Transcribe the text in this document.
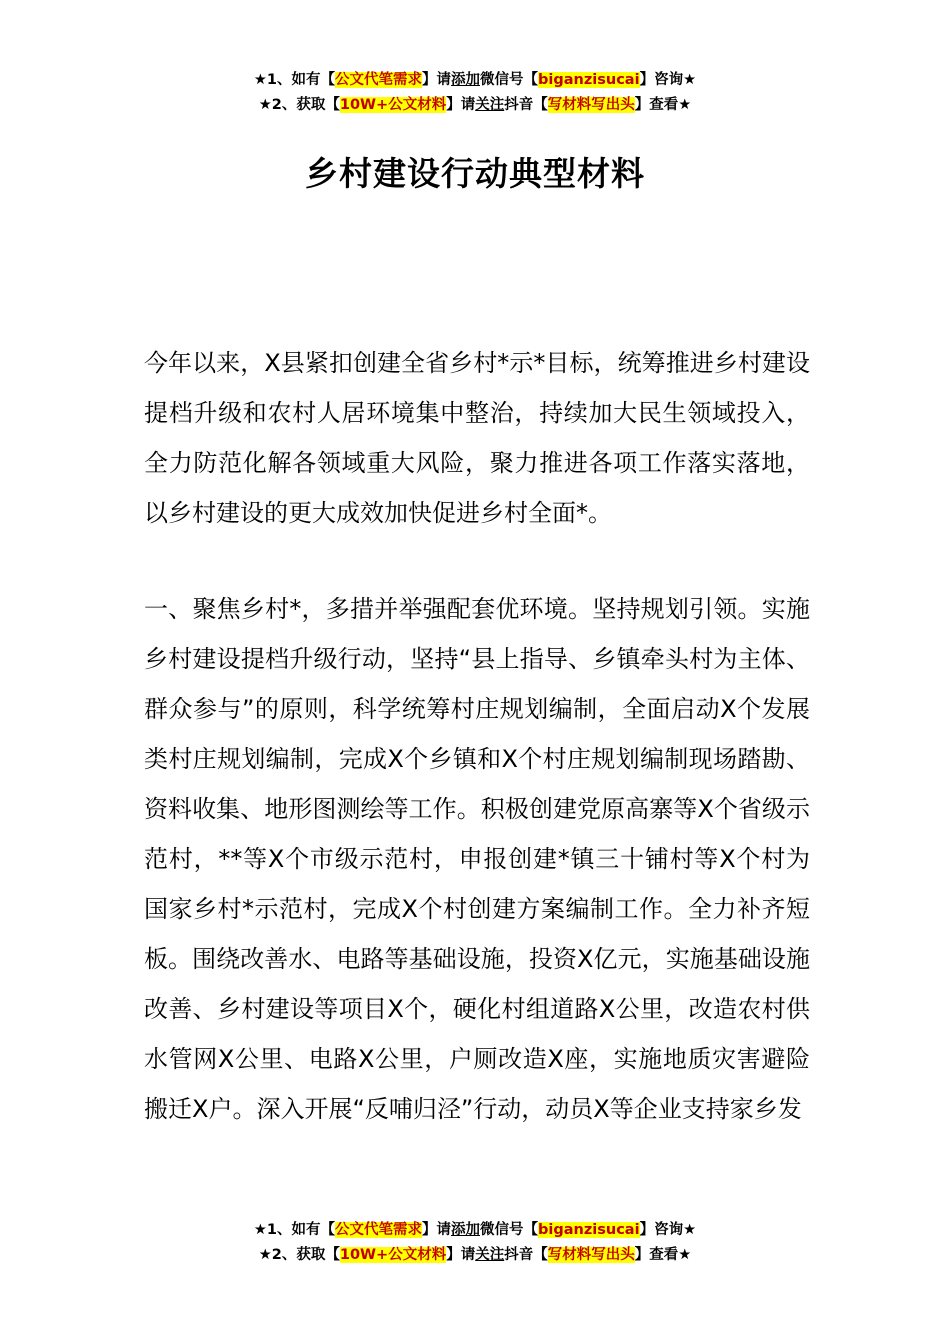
★1、如有【公文代笔需求】请添加微信号【biganzisucai】咨询★
★2、获取【10W+公文材料】请关注抖音【写材料写出头】查看★
乡村建设行动典型材料

今年以来，X县紧扣创建全省乡村*示*目标，统筹推进乡村建设提档升级和农村人居环境集中整治，持续加大民生领域投入，全力防范化解各领域重大风险，聚力推进各项工作落实落地，以乡村建设的更大成效加快促进乡村全面*。

一、聚焦乡村*，多措并举强配套优环境。坚持规划引领。实施乡村建设提档升级行动，坚持“县上指导、乡镇牵头村为主体、群众参与”的原则，科学统筹村庄规划编制，全面启动X个发展类村庄规划编制，完成X个乡镇和X个村庄规划编制现场踏勘、资料收集、地形图测绘等工作。积极创建党原高寨等X个省级示范村，**等X个市级示范村，申报创建*镇三十铺村等X个村为国家乡村*示范村，完成X个村创建方案编制工作。全力补齐短板。围绕改善水、电路等基础设施，投资X亿元，实施基础设施改善、乡村建设等项目X个，硬化村组道路X公里，改造农村供水管网X公里、电路X公里，户厕改造X座，实施地质灾害避险搬迁X户。深入开展“反哺归泾”行动，动员X等企业支持家乡发

★1、如有【公文代笔需求】请添加微信号【biganzisucai】咨询★
★2、获取【10W+公文材料】请关注抖音【写材料写出头】查看★
